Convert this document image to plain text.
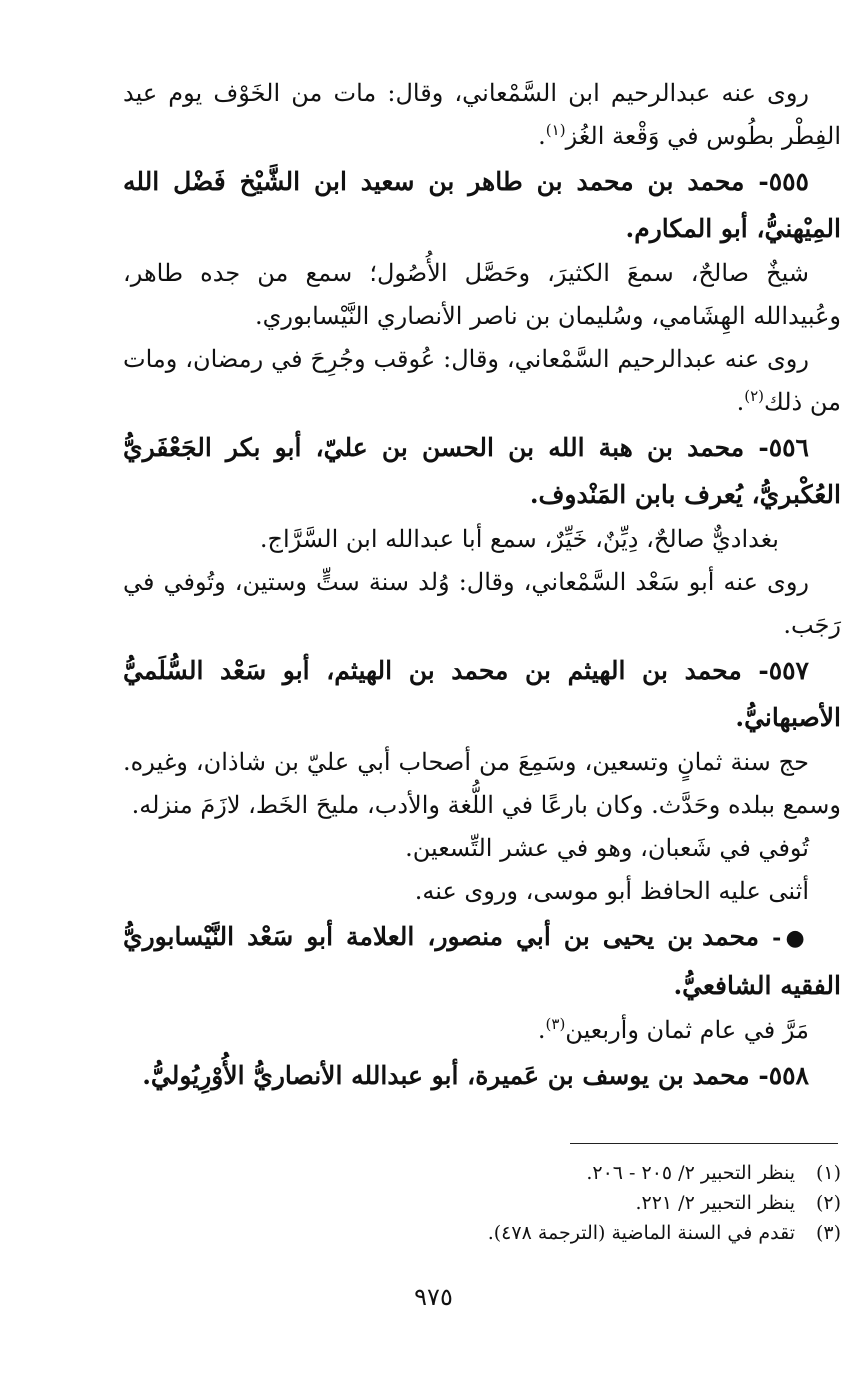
روى عنه عبدالرحيم ابن السَّمْعاني، وقال: مات من الخَوْف يوم عيد الفِطْر بطُوس في وَقْعة الغُز$^{(١)}$.

٥٥٥- محمد بن محمد بن طاهر بن سعيد ابن الشَّيْخ فَضْل الله المِيْهنيُّ، أبو المكارم.

شيخٌ صالحٌ، سمعَ الكثيرَ، وحَصَّل الأُصُول؛ سمع من جده طاهر، وعُبيدالله الهِشَامي، وسُليمان بن ناصر الأنصاري النَّيْسابوري.

روى عنه عبدالرحيم السَّمْعاني، وقال: عُوقب وجُرِحَ في رمضان، ومات من ذلك$^{(٢)}$.

٥٥٦- محمد بن هبة الله بن الحسن بن عليّ، أبو بكر الجَعْفَريُّ العُكْبريُّ، يُعرف بابن المَنْدوف.

بغداديٌّ صالحٌ، دِيِّنٌ، خَيِّرٌ، سمع أبا عبدالله ابن السَّرَّاج.

روى عنه أبو سَعْد السَّمْعاني، وقال: وُلد سنة ستٍّ وستين، وتُوفي في رَجَب.

٥٥٧- محمد بن الهيثم بن محمد بن الهيثم، أبو سَعْد السُّلَميُّ الأصبهانيُّ.

حج سنة ثمانٍ وتسعين، وسَمِعَ من أصحاب أبي عليّ بن شاذان، وغيره. وسمع ببلده وحَدَّث. وكان بارعًا في اللُّغة والأدب، مليحَ الخَط، لازَمَ منزله.

تُوفي في شَعبان، وهو في عشر التِّسعين.

أثنى عليه الحافظ أبو موسى، وروى عنه.

●- محمد بن يحيى بن أبي منصور، العلامة أبو سَعْد النَّيْسابوريُّ الفقيه الشافعيُّ.

مَرَّ في عام ثمان وأربعين$^{(٣)}$.

٥٥٨- محمد بن يوسف بن عَميرة، أبو عبدالله الأنصاريُّ الأُوْرِيُوليُّ.

(١)ينظر التحبير ٢/ ٢٠٥ - ٢٠٦.

(٢)ينظر التحبير ٢/ ٢٢١.

(٣)تقدم في السنة الماضية (الترجمة ٤٧٨).

٩٧٥
